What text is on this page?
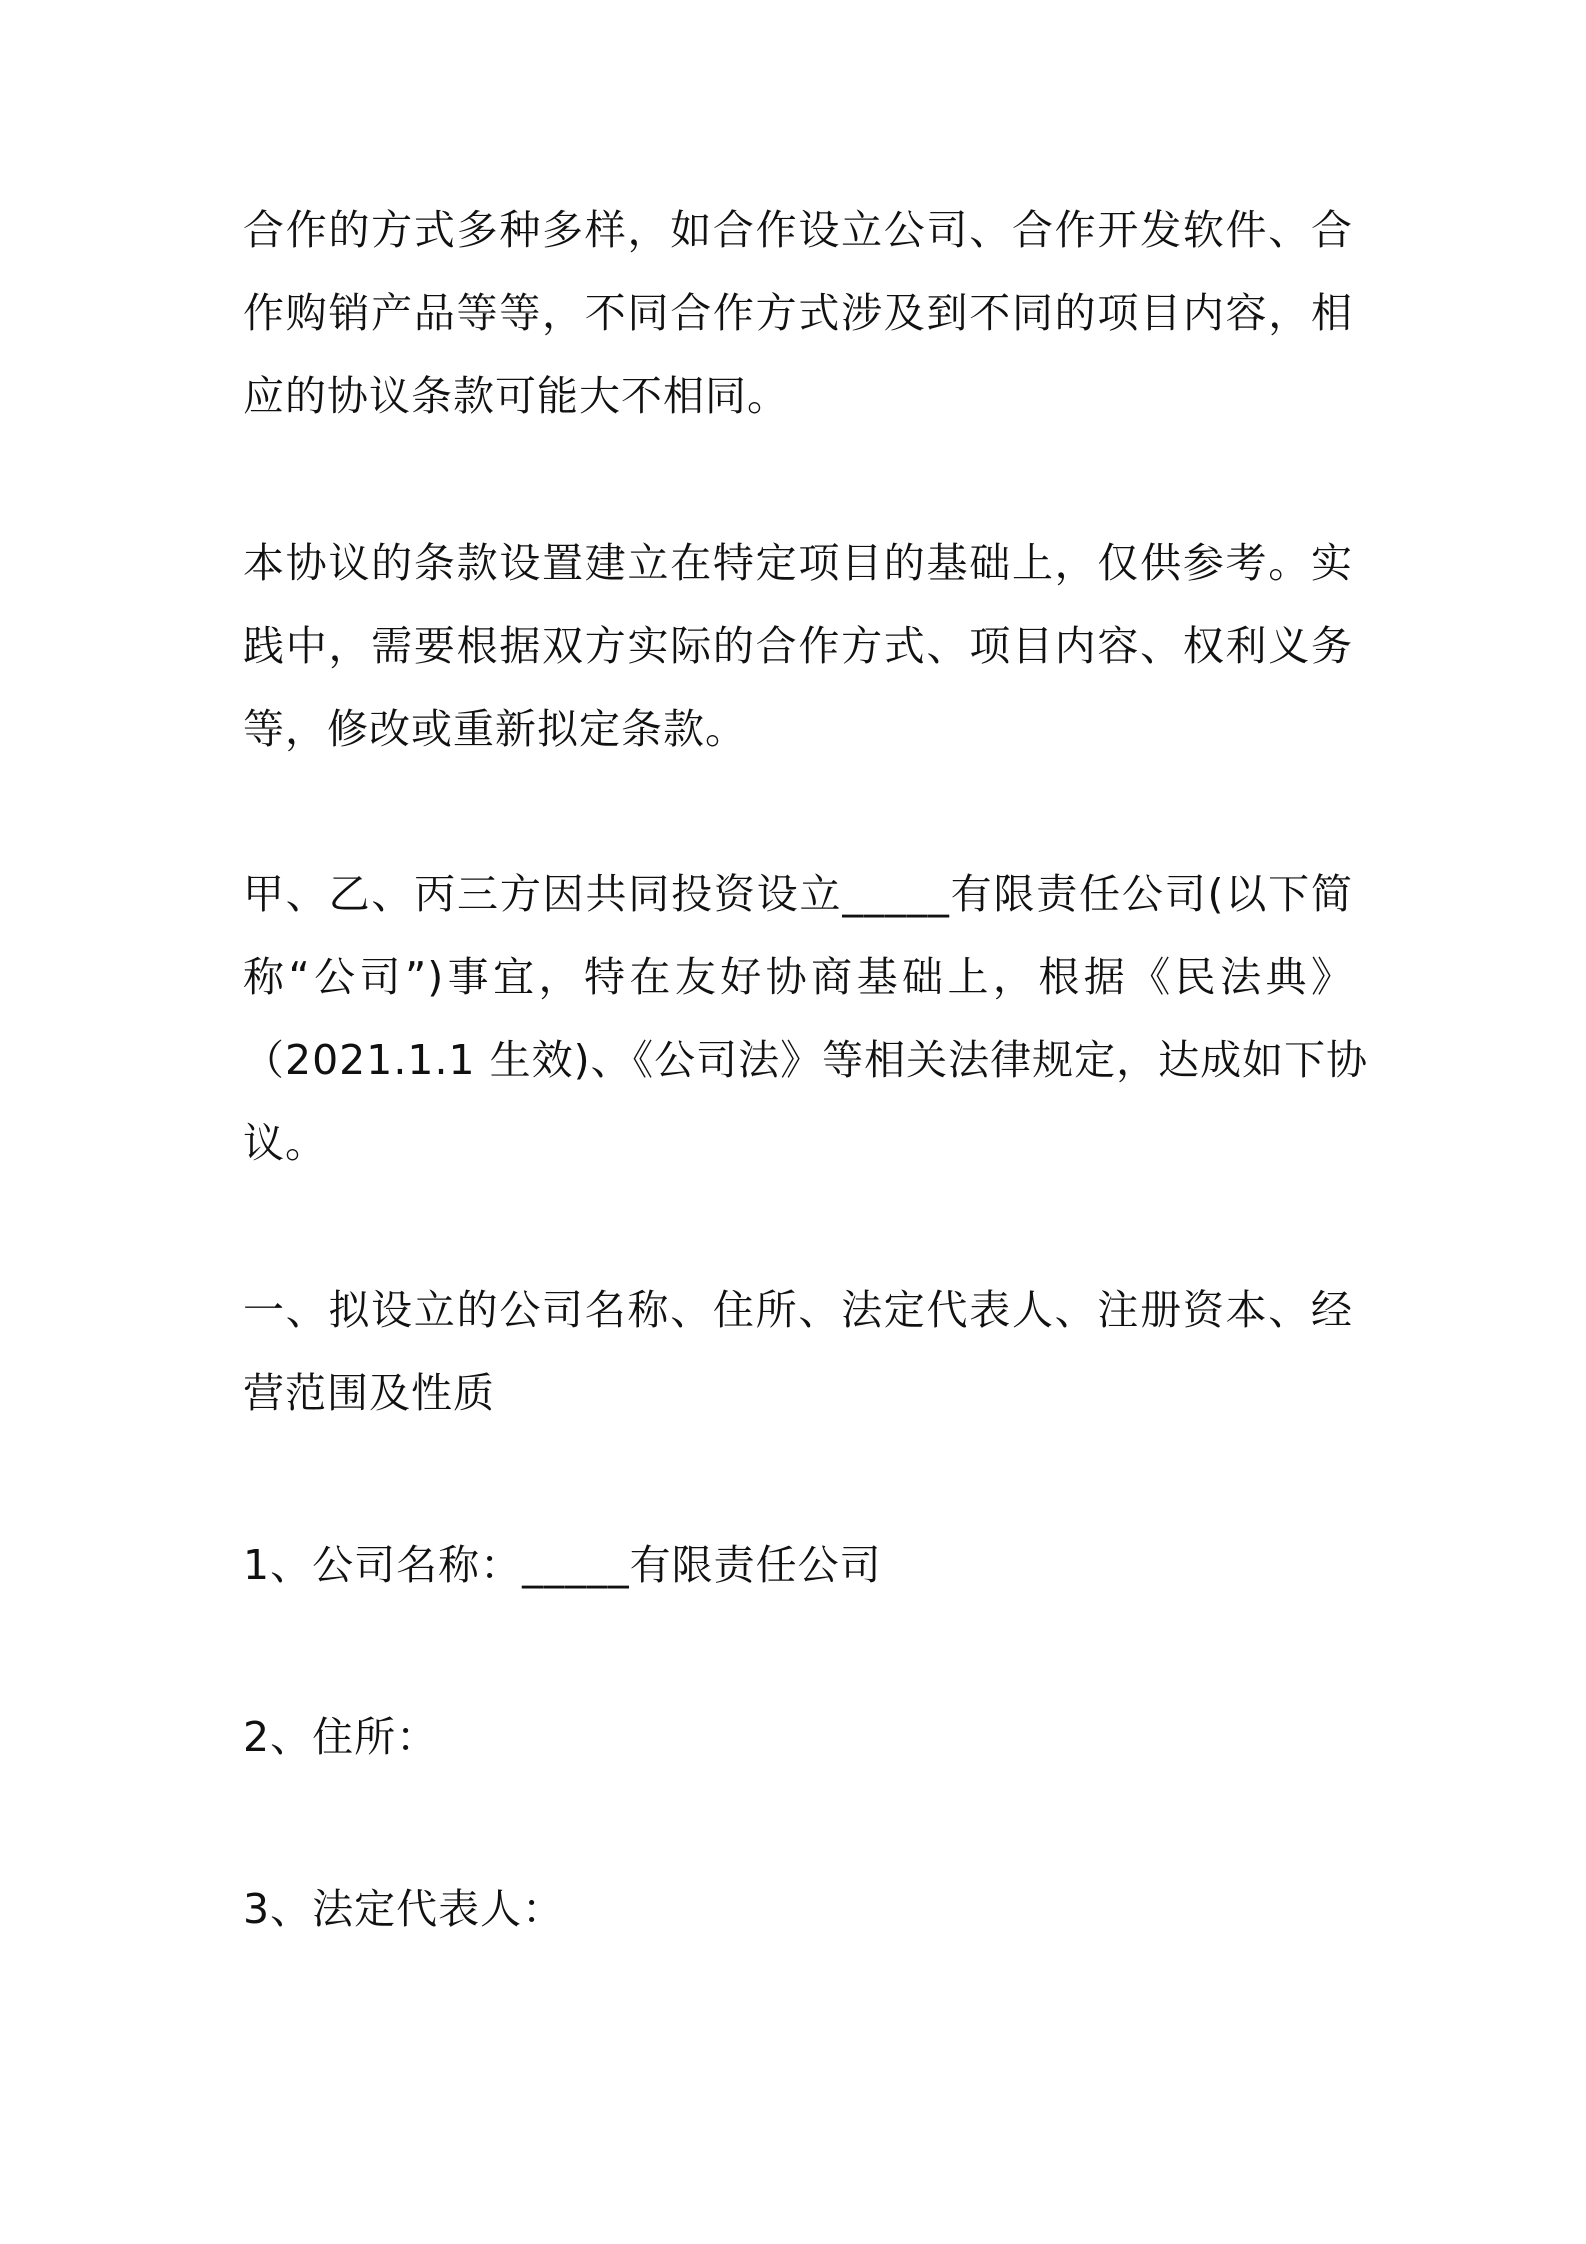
合作的方式多种多样，如合作设立公司、合作开发软件、合
作购销产品等等，不同合作方式涉及到不同的项目内容，相
应的协议条款可能大不相同。
本协议的条款设置建立在特定项目的基础上，仅供参考。实
践中，需要根据双方实际的合作方式、项目内容、权利义务
等，修改或重新拟定条款。
甲、乙、丙三方因共同投资设立_____有限责任公司(以下简
称“公司”)事宜，特在友好协商基础上，根据《民法典》
（2021.1.1 生效)、《公司法》等相关法律规定，达成如下协
议。
一、拟设立的公司名称、住所、法定代表人、注册资本、经
营范围及性质
1、公司名称：_____有限责任公司
2、住所：
3、法定代表人：
